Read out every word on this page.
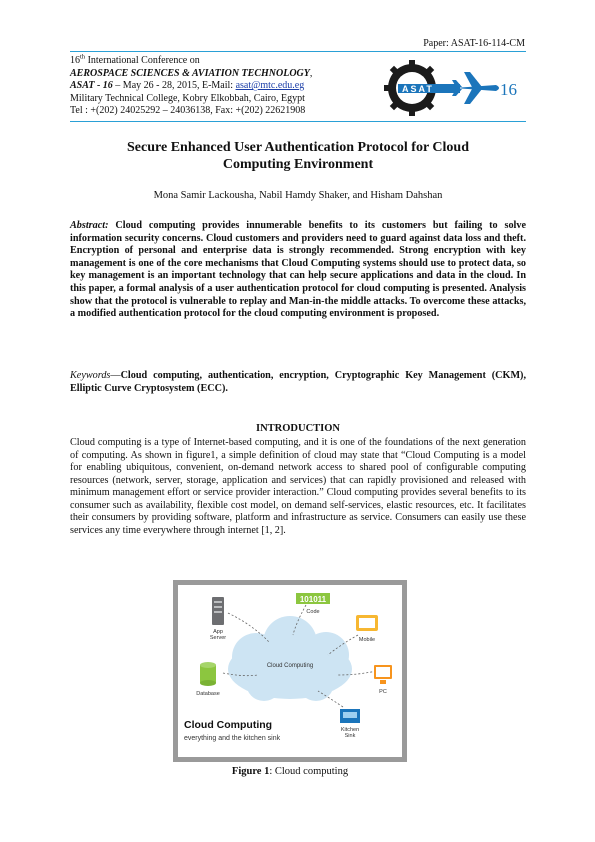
Paper: ASAT-16-114-CM
16th International Conference on
AEROSPACE SCIENCES & AVIATION TECHNOLOGY,
ASAT - 16 – May 26 - 28, 2015, E-Mail: asat@mtc.edu.eg
Military Technical College, Kobry Elkobbah, Cairo, Egypt
Tel : +(202) 24025292 – 24036138, Fax: +(202) 22621908
ASAT	16
Secure Enhanced User Authentication Protocol for Cloud
Computing Environment
Mona Samir Lackousha, Nabil Hamdy Shaker, and Hisham Dahshan
Abstract: Cloud computing provides innumerable benefits to its customers but failing to solve information security concerns. Cloud customers and providers need to guard against data loss and theft. Encryption of personal and enterprise data is strongly recommended. Strong encryption with key management is one of the core mechanisms that Cloud Computing systems should use to protect data, so key management is an important technology that can help secure applications and data in the cloud. In this paper, a formal analysis of a user authentication protocol for cloud computing is presented. Analysis show that the protocol is vulnerable to replay and Man-in-the middle attacks. To overcome these attacks, a modified authentication protocol for the cloud computing environment is proposed.
Keywords—Cloud computing, authentication, encryption, Cryptographic Key Management (CKM), Elliptic Curve Cryptosystem (ECC).
INTRODUCTION
Cloud computing is a type of Internet-based computing, and it is one of the foundations of the next generation of computing. As shown in figure1, a simple definition of cloud may state that “Cloud Computing is a model for enabling ubiquitous, convenient, on-demand network access to shared pool of configurable computing resources (network, server, storage, application and services) that can rapidly provisioned and released with minimum management effort or service provider interaction.” Cloud computing provides several benefits to its consumer such as availability, flexible cost model, on demand self-services, elastic resources, etc. It facilitates their consumers by providing software, platform and infrastructure as service. Consumers can easily use these services any time everywhere through internet [1, 2].
Cloud Computing
101011
Code
App
Server	Mobile
Database	PC
Kitchen
Sink
Cloud Computing
everything and the kitchen sink
Figure 1: Cloud computing
